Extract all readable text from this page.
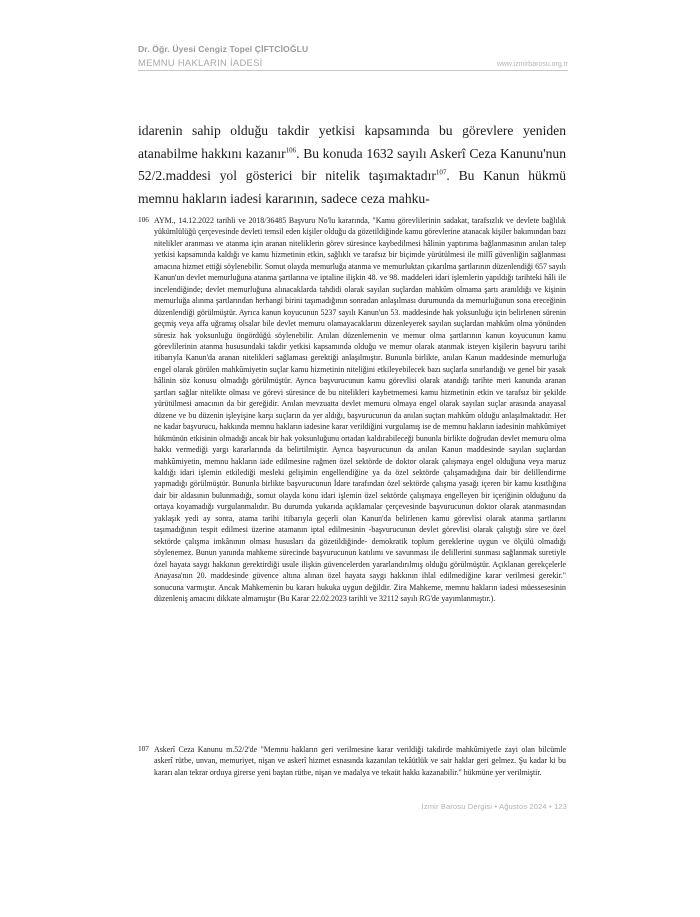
Dr. Öğr. Üyesi Cengiz Topel ÇİFTCİOĞLU
MEMNU HAKLARIN İADESİ	www.izmirbarosu.org.tr

idarenin sahip olduğu takdir yetkisi kapsamında bu görevlere yeniden atanabilme hakkını kazanır$^{106}$. Bu konuda 1632 sayılı Askerî Ceza Kanunu'nun 52/2.maddesi yol gösterici bir nitelik taşımaktadır$^{107}$. Bu Kanun hükmü memnu hakların iadesi kararının, sadece ceza mahku-

106 AYM., 14.12.2022 tarihli ve 2018/36485 Başvuru No'lu kararında, "Kamu görevlilerinin sadakat, tarafsızlık ve devlete bağlılık yükümlülüğü çerçevesinde devleti temsil eden kişiler olduğu da gözetildiğinde kamu görevlerine atanacak kişiler bakımından bazı nitelikler aranması ve atanma için aranan niteliklerin görev süresince kaybedilmesi hâlinin yaptırıma bağlanmasının anılan talep yetkisi kapsamında kaldığı ve kamu hizmetinin etkin, sağlıklı ve tarafsız bir biçimde yürütülmesi ile millî güvenliğin sağlanması amacına hizmet ettiği söylenebilir. Somut olayda memurluğa atanma ve memurluktan çıkarılma şartlarının düzenlendiği 657 sayılı Kanun'un devlet memurluğuna atanma şartlarına ve iptaline ilişkin 48. ve 98. maddeleri idari işlemlerin yapıldığı tarihteki hâli ile incelendiğinde; devlet memurluğuna alınacaklarda tahdidi olarak sayılan suçlardan mahkûm olmama şartı aranıldığı ve kişinin memurluğa alınma şartlarından herhangi birini taşımadığının sonradan anlaşılması durumunda da memurluğunun sona ereceğinin düzenlendiği görülmüştür. Ayrıca kanun koyucunun 5237 sayılı Kanun'un 53. maddesinde hak yoksunluğu için belirlenen sürenin geçmiş veya affa uğramış olsalar bile devlet memuru olamayacaklarını düzenleyerek sayılan suçlardan mahkûm olma yönünden süresiz hak yoksunluğu öngördüğü söylenebilir. Anılan düzenlemenin ve memur olma şartlarının kanun koyucunun kamu görevlilerinin atanma hususundaki takdir yetkisi kapsamında olduğu ve memur olarak atanmak isteyen kişilerin başvuru tarihi itibarıyla Kanun'da aranan nitelikleri sağlaması gerektiği anlaşılmıştır. Bununla birlikte, anılan Kanun maddesinde memurluğa engel olarak görülen mahkûmiyetin suçlar kamu hizmetinin niteliğini etkileyebilecek bazı suçlarla sınırlandığı ve genel bir yasak hâlinin söz konusu olmadığı görülmüştür. Ayrıca başvurucunun kamu görevlisi olarak atandığı tarihte meri kanunda aranan şartları sağlar nitelikte olması ve görevi süresince de bu nitelikleri kaybetmemesi kamu hizmetinin etkin ve tarafsız bir şekilde yürütülmesi amacının da bir gereğidir. Anılan mevzuatta devlet memuru olmaya engel olarak sayılan suçlar arasında anayasal düzene ve bu düzenin işleyişine karşı suçların da yer aldığı, başvurucunun da anılan suçtan mahkûm olduğu anlaşılmaktadır. Her ne kadar başvurucu, hakkında memnu hakların iadesine karar verildiğini vurgulamış ise de memnu hakların iadesinin mahkûmiyet hükmünün etkisinin olmadığı ancak bir hak yoksunluğunu ortadan kaldırabileceği bununla birlikte doğrudan devlet memuru olma hakkı vermediği yargı kararlarında da belirtilmiştir. Ayrıca başvurucunun da anılan Kanun maddesinde sayılan suçlardan mahkûmiyetin, memnu hakların iade edilmesine rağmen özel sektörde de doktor olarak çalışmaya engel olduğuna veya maruz kaldığı idari işlemin etkilediği mesleki gelişimin engellendiğine ya da özel sektörde çalışamadığına dair bir delillendirme yapmadığı görülmüştür. Bununla birlikte başvurucunun İdare tarafından özel sektörde çalışma yasağı içeren bir kamu kısıtlığına dair bir aldasının bulunmadığı, somut olayda konu idari işlemin özel sektörde çalışmaya engelleyen bir içeriğinin olduğunu da ortaya koyamadığı vurgulanmalıdır. Bu durumda yukarıda açıklamalar çerçevesinde başvurucunun doktor olarak atanmasından yaklaşık yedi ay sonra, atama tarihi itibarıyla geçerli olan Kanun'da belirlenen kamu görevlisi olarak atanma şartlarını taşımadığının tespit edilmesi üzerine atamanın iptal edilmesinin -başvurucunun devlet görevlisi olarak çalıştığı süre ve özel sektörde çalışma imkânının olması hususları da gözetildiğinde- demokratik toplum gereklerine uygun ve ölçülü olmadığı söylenemez. Bunun yanında mahkeme sürecinde başvurucunun katılımı ve savunması ile delillerini sunması sağlanmak suretiyle özel hayata saygı hakkının gerektirdiği usule ilişkin güvencelerden yararlandırılmış olduğu görülmüştür. Açıklanan gerekçelerle Anayasa'nın 20. maddesinde güvence altına alınan özel hayata saygı hakkının ihlal edilmediğine karar verilmesi gerekir." sonucuna varmıştır. Ancak Mahkemenin bu kararı hukuka uygun değildir. Zira Mahkeme, memnu hakların iadesi müessesesinin düzenleniş amacını dikkate almamıştır (Bu Karar 22.02.2023 tarihli ve 32112 sayılı RG'de yayımlanmıştır.).
107 Askerî Ceza Kanunu m.52/2'de "Memnu hakların geri verilmesine karar verildiği takdirde mahkûmiyetle zayi olan bilcümle askerî rütbe, unvan, memuriyet, nişan ve askerî hizmet esnasında kazanılan tekâütlük ve sair haklar geri gelmez. Şu kadar ki bu kararı alan tekrar orduya girerse yeni baştan rütbe, nişan ve madalya ve tekaüt hakkı kazanabilir." hükmüne yer verilmiştir.
İzmir Barosu Dergisi • Ağustos 2024 • 123
